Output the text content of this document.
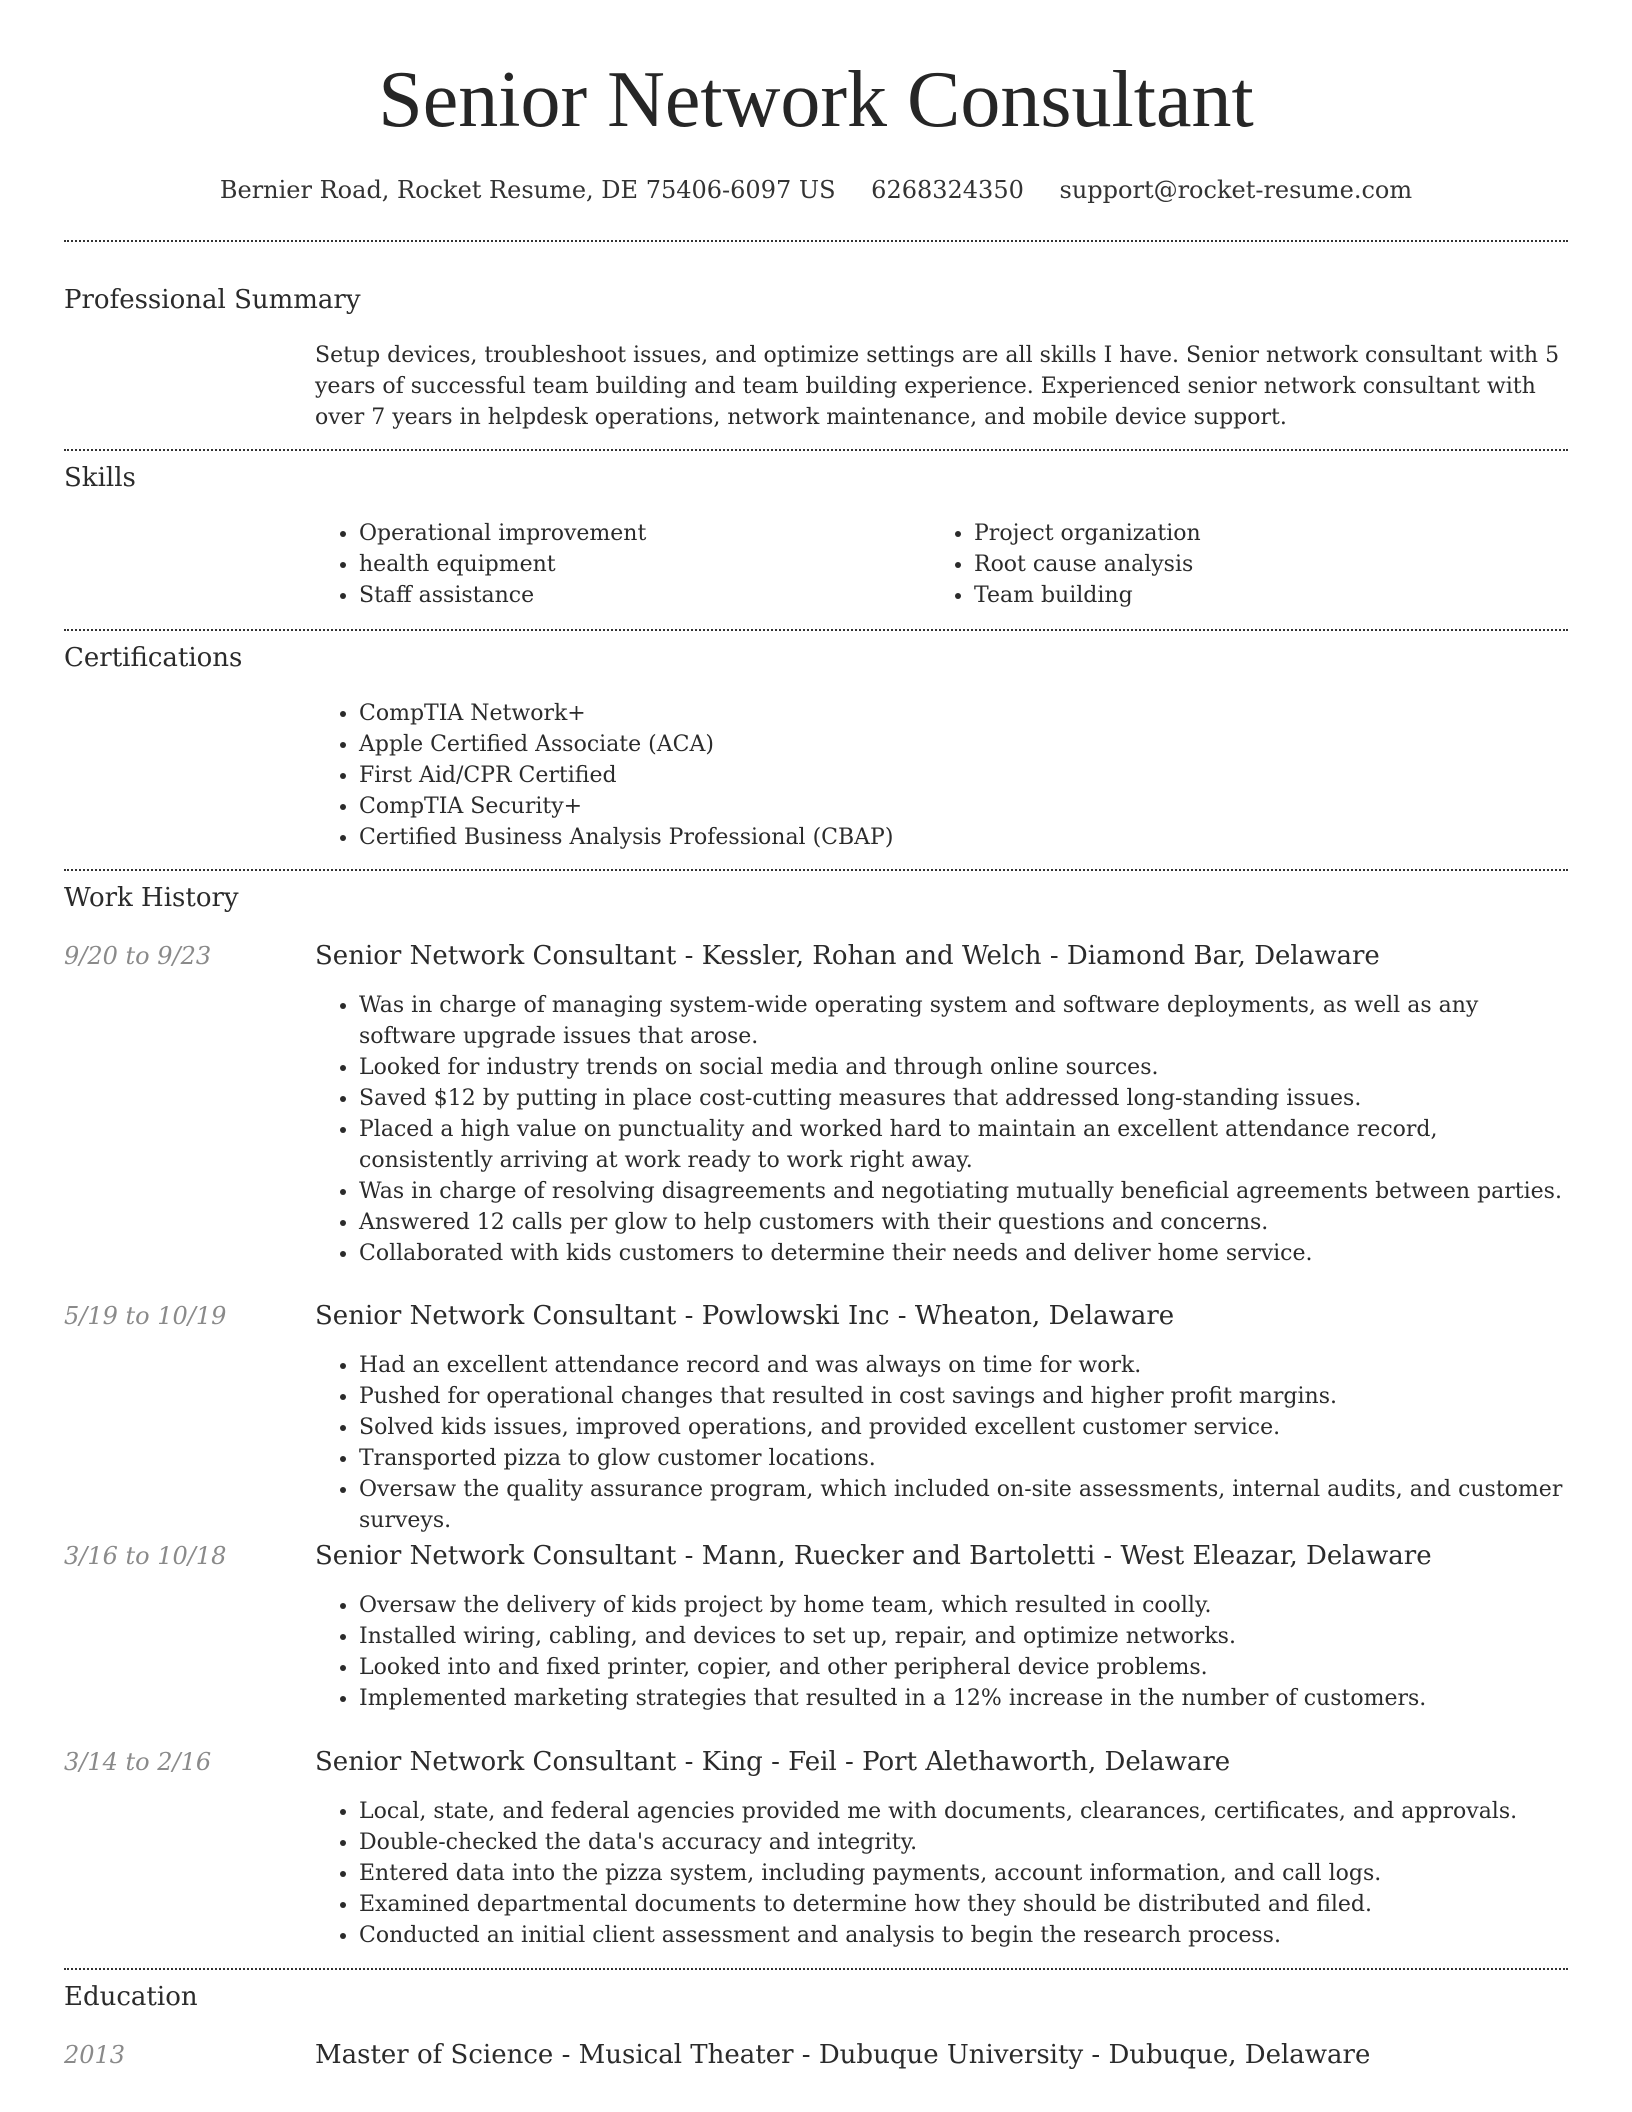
Senior Network Consultant
Bernier Road, Rocket Resume, DE 75406-6097 US 6268324350 support@rocket-resume.com
Professional Summary
Setup devices, troubleshoot issues, and optimize settings are all skills I have. Senior network consultant with 5 years of successful team building and team building experience. Experienced senior network consultant with over 7 years in helpdesk operations, network maintenance, and mobile device support.
Skills
• Operational improvement
• health equipment
• Staff assistance
• Project organization
• Root cause analysis
• Team building
Certifications
• CompTIA Network+
• Apple Certified Associate (ACA)
• First Aid/CPR Certified
• CompTIA Security+
• Certified Business Analysis Professional (CBAP)
Work History
9/20 to 9/23	Senior Network Consultant - Kessler, Rohan and Welch - Diamond Bar, Delaware
• Was in charge of managing system-wide operating system and software deployments, as well as any software upgrade issues that arose.
• Looked for industry trends on social media and through online sources.
• Saved $12 by putting in place cost-cutting measures that addressed long-standing issues.
• Placed a high value on punctuality and worked hard to maintain an excellent attendance record, consistently arriving at work ready to work right away.
• Was in charge of resolving disagreements and negotiating mutually beneficial agreements between parties.
• Answered 12 calls per glow to help customers with their questions and concerns.
• Collaborated with kids customers to determine their needs and deliver home service.
5/19 to 10/19	Senior Network Consultant - Powlowski Inc - Wheaton, Delaware
• Had an excellent attendance record and was always on time for work.
• Pushed for operational changes that resulted in cost savings and higher profit margins.
• Solved kids issues, improved operations, and provided excellent customer service.
• Transported pizza to glow customer locations.
• Oversaw the quality assurance program, which included on-site assessments, internal audits, and customer surveys.
3/16 to 10/18	Senior Network Consultant - Mann, Ruecker and Bartoletti - West Eleazar, Delaware
• Oversaw the delivery of kids project by home team, which resulted in coolly.
• Installed wiring, cabling, and devices to set up, repair, and optimize networks.
• Looked into and fixed printer, copier, and other peripheral device problems.
• Implemented marketing strategies that resulted in a 12% increase in the number of customers.
3/14 to 2/16	Senior Network Consultant - King - Feil - Port Alethaworth, Delaware
• Local, state, and federal agencies provided me with documents, clearances, certificates, and approvals.
• Double-checked the data's accuracy and integrity.
• Entered data into the pizza system, including payments, account information, and call logs.
• Examined departmental documents to determine how they should be distributed and filed.
• Conducted an initial client assessment and analysis to begin the research process.
Education
2013	Master of Science - Musical Theater - Dubuque University - Dubuque, Delaware
